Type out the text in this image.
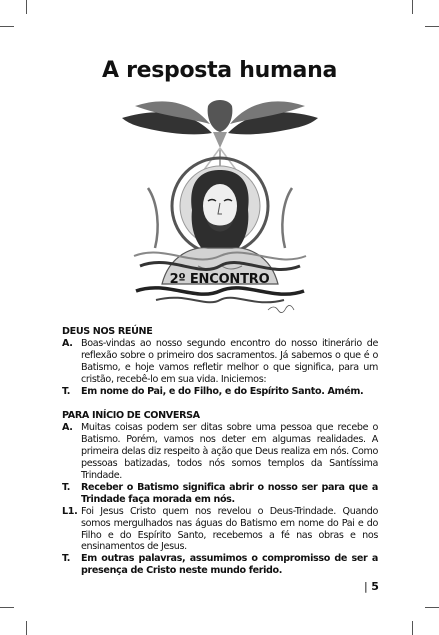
A resposta humana
2º ENCONTRO
DEUS NOS REÚNE
A. Boas-vindas ao nosso segundo encontro do nosso itinerário de reflexão sobre o primeiro dos sacramentos. Já sabemos o que é o Batismo, e hoje vamos refletir melhor o que significa, para um cristão, recebê-lo em sua vida. Iniciemos:
T.	Em nome do Pai, e do Filho, e do Espírito Santo. Amém.
PARA INÍCIO DE CONVERSA
A. Muitas coisas podem ser ditas sobre uma pessoa que recebe o Batismo. Porém, vamos nos deter em algumas realidades. A primeira delas diz respeito à ação que Deus realiza em nós. Como pessoas batizadas, todos nós somos templos da Santíssima Trindade.
T.	Receber o Batismo significa abrir o nosso ser para que a Trindade faça morada em nós.
L1. Foi Jesus Cristo quem nos revelou o Deus-Trindade. Quando somos mergulhados nas águas do Batismo em nome do Pai e do Filho e do Espírito Santo, recebemos a fé nas obras e nos ensinamentos de Jesus.
T.	Em outras palavras, assumimos o compromisso de ser a presença de Cristo neste mundo ferido.
| 5
